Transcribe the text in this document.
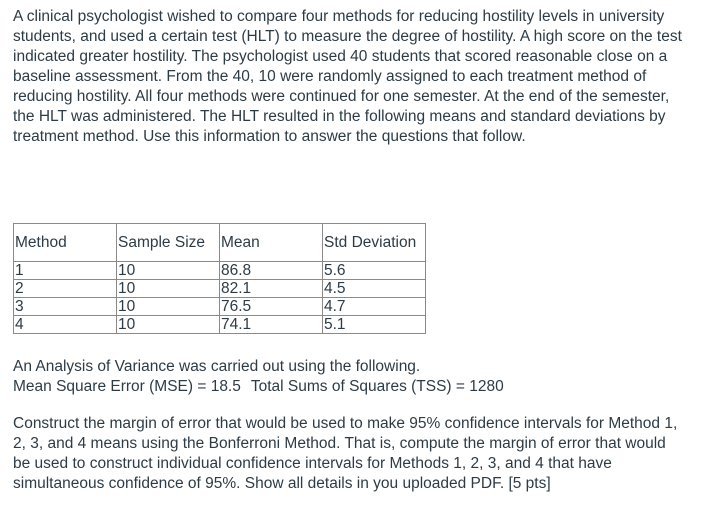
A clinical psychologist wished to compare four methods for reducing hostility levels in university students, and used a certain test (HLT) to measure the degree of hostility. A high score on the test indicated greater hostility. The psychologist used 40 students that scored reasonable close on a baseline assessment. From the 40, 10 were randomly assigned to each treatment method of reducing hostility. All four methods were continued for one semester. At the end of the semester, the HLT was administered. The HLT resulted in the following means and standard deviations by treatment method. Use this information to answer the questions that follow.

Method	Sample Size	Mean	Std Deviation
1	10	86.8	5.6
2	10	82.1	4.5
3	10	76.5	4.7
4	10	74.1	5.1

An Analysis of Variance was carried out using the following.
Mean Square Error (MSE) = 18.5 Total Sums of Squares (TSS) = 1280

Construct the margin of error that would be used to make 95% confidence intervals for Method 1, 2, 3, and 4 means using the Bonferroni Method. That is, compute the margin of error that would be used to construct individual confidence intervals for Methods 1, 2, 3, and 4 that have simultaneous confidence of 95%. Show all details in you uploaded PDF. [5 pts]
